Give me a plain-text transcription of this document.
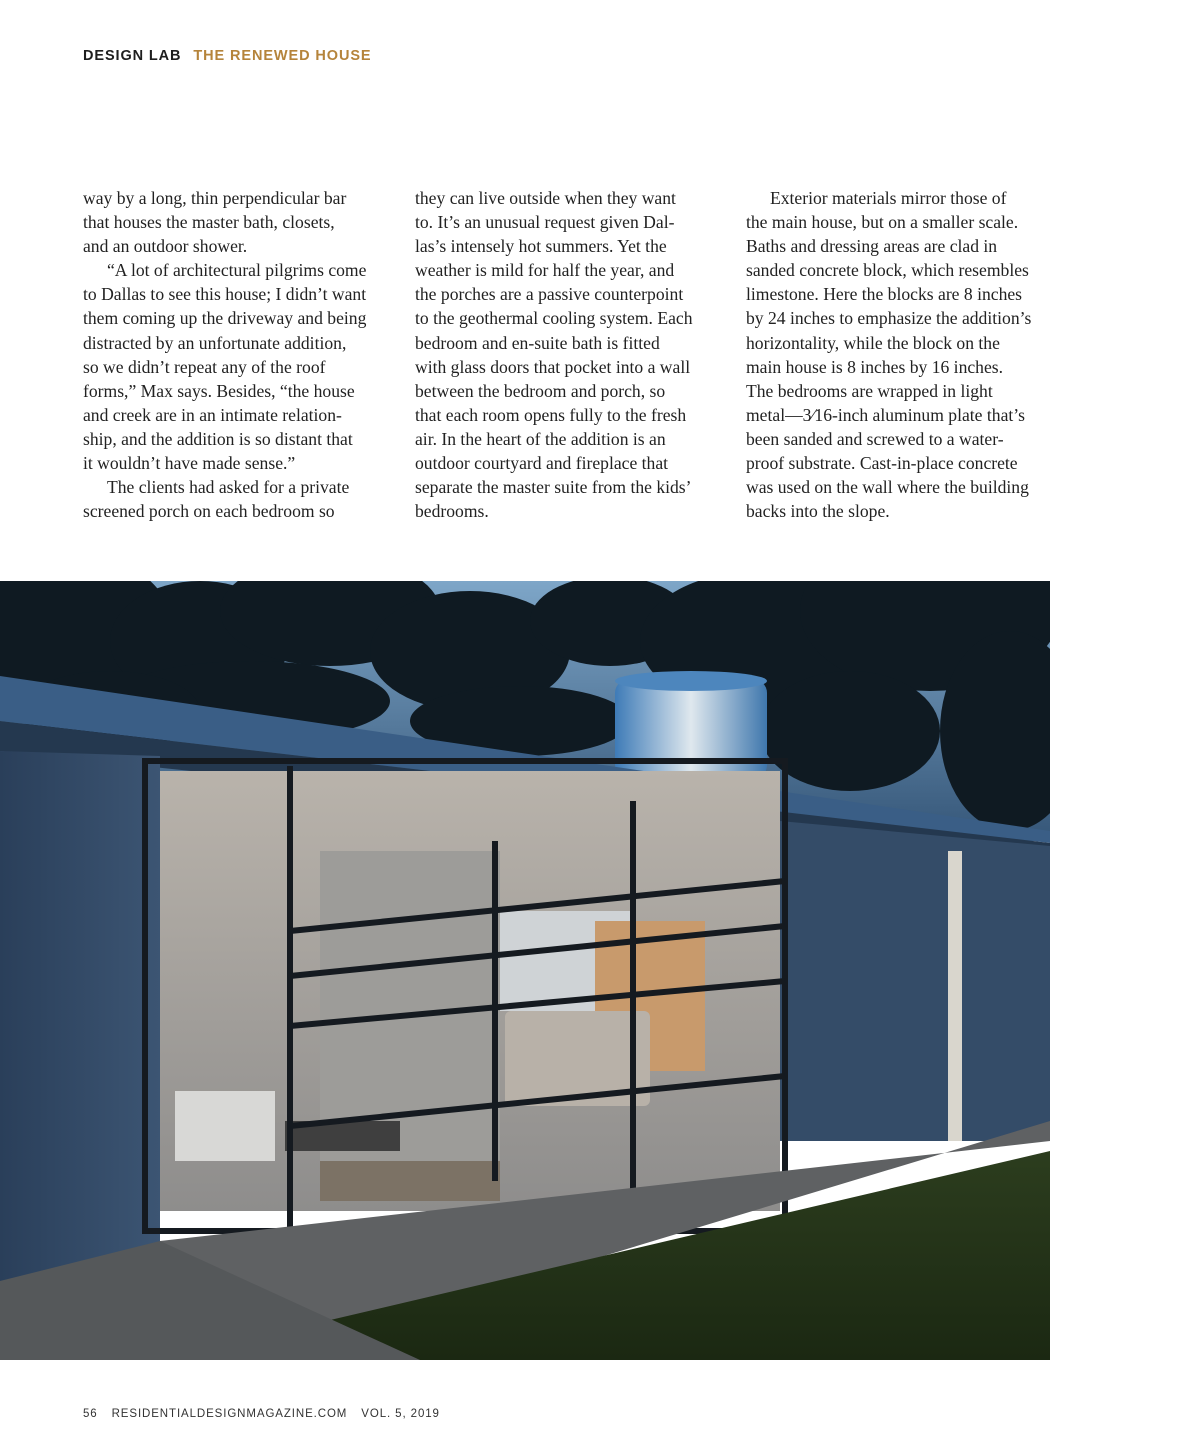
DESIGN LAB THE RENEWED HOUSE

way by a long, thin perpendicular bar
that houses the master bath, closets,
and an outdoor shower.
“A lot of architectural pilgrims come
to Dallas to see this house; I didn’t want
them coming up the driveway and being
distracted by an unfortunate addition,
so we didn’t repeat any of the roof
forms,” Max says. Besides, “the house
and creek are in an intimate relation-
ship, and the addition is so distant that
it wouldn’t have made sense.”
The clients had asked for a private
screened porch on each bedroom so

they can live outside when they want
to. It’s an unusual request given Dal-
las’s intensely hot summers. Yet the
weather is mild for half the year, and
the porches are a passive counterpoint
to the geothermal cooling system. Each
bedroom and en-suite bath is fitted
with glass doors that pocket into a wall
between the bedroom and porch, so
that each room opens fully to the fresh
air. In the heart of the addition is an
outdoor courtyard and fireplace that
separate the master suite from the kids’
bedrooms.

Exterior materials mirror those of
the main house, but on a smaller scale.
Baths and dressing areas are clad in
sanded concrete block, which resembles
limestone. Here the blocks are 8 inches
by 24 inches to emphasize the addition’s
horizontality, while the block on the
main house is 8 inches by 16 inches.
The bedrooms are wrapped in light
metal—3⁄16-inch aluminum plate that’s
been sanded and screwed to a water-
proof substrate. Cast-in-place concrete
was used on the wall where the building
backs into the slope.

56 RESIDENTIALDESIGNMAGAZINE.COM VOL. 5, 2019
